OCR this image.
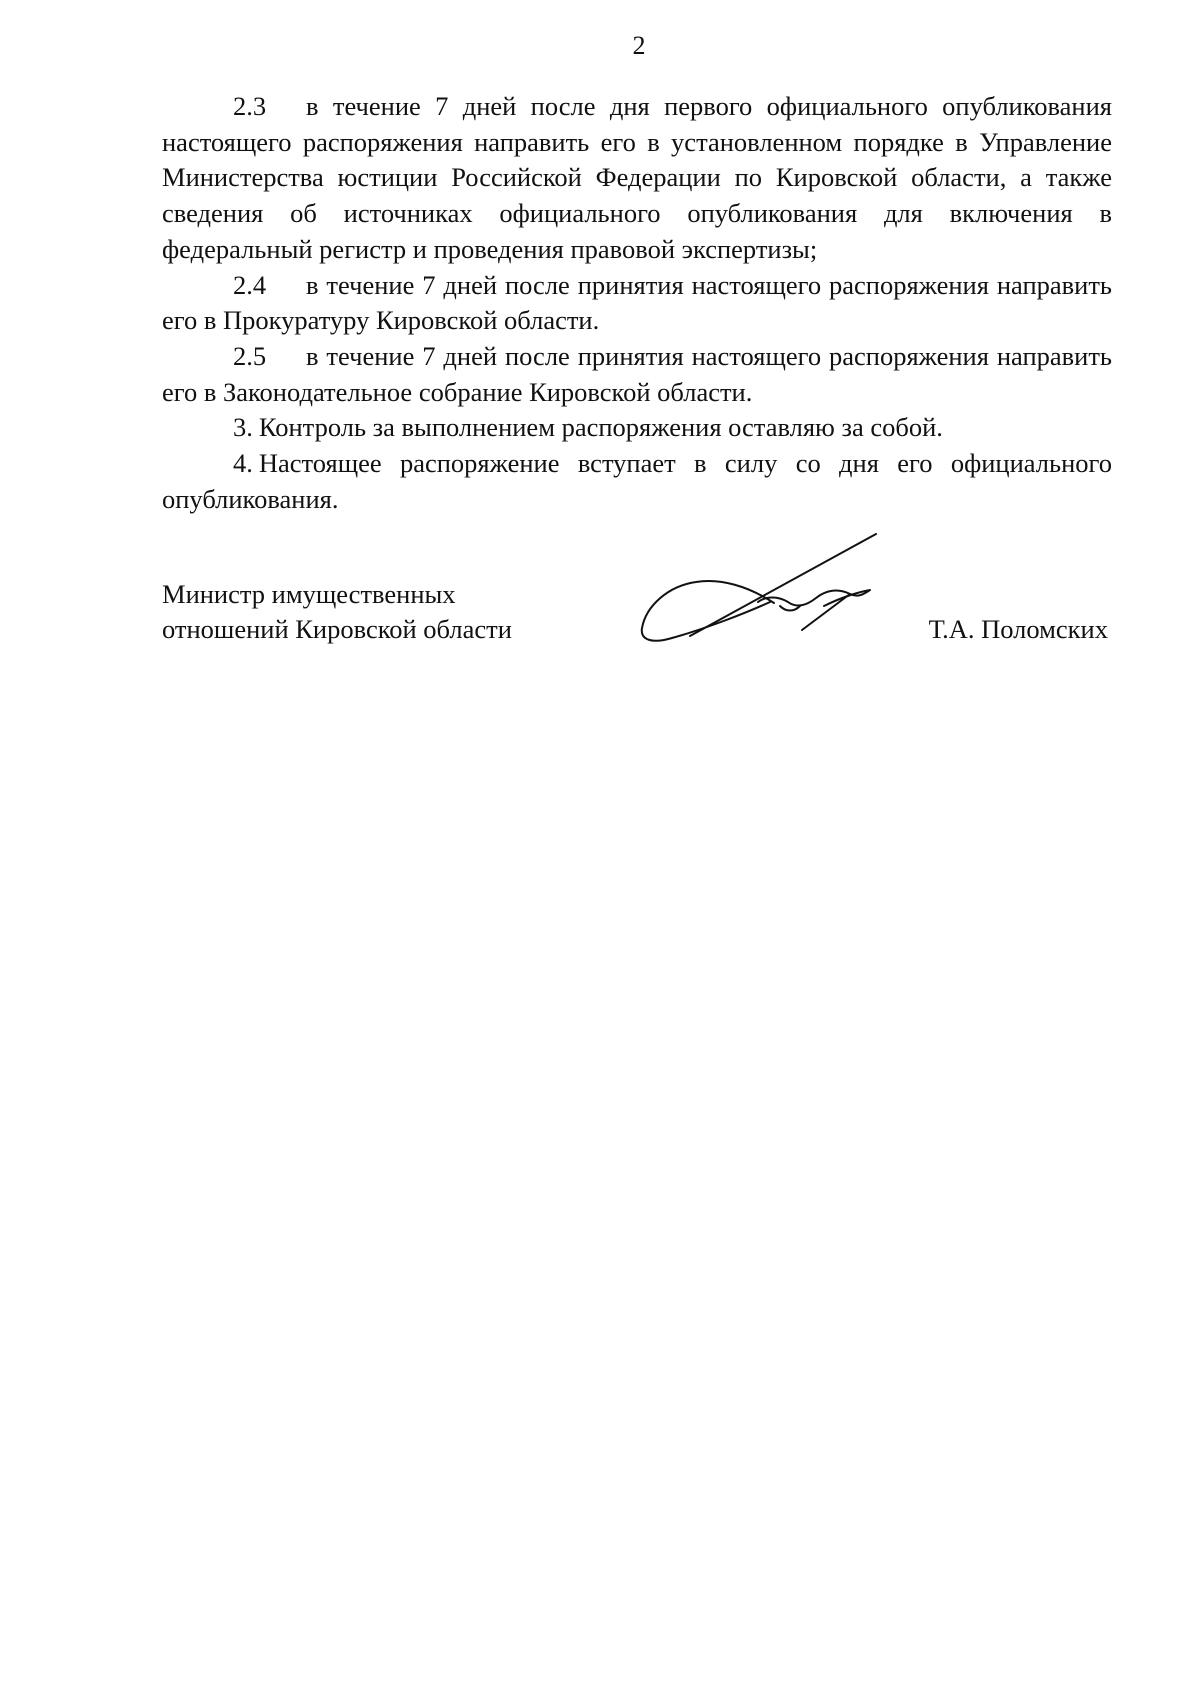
2

2.3 в течение 7 дней после дня первого официального опубликования настоящего распоряжения направить его в установленном порядке в Управление Министерства юстиции Российской Федерации по Кировской области, а также сведения об источниках официального опубликования для включения в федеральный регистр и проведения правовой экспертизы;

2.4 в течение 7 дней после принятия настоящего распоряжения направить его в Прокуратуру Кировской области.

2.5 в течение 7 дней после принятия настоящего распоряжения направить его в Законодательное собрание Кировской области.

3. Контроль за выполнением распоряжения оставляю за собой.

4. Настоящее распоряжение вступает в силу со дня его официального опубликования.

Министр имущественных
отношений Кировской области	Т.А. Поломских
